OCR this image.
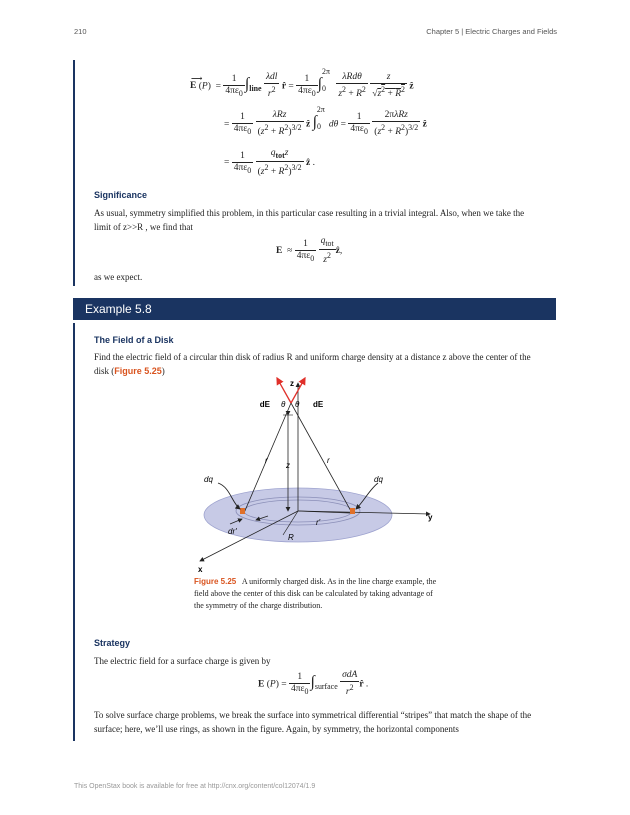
210	Chapter 5 | Electric Charges and Fields
E
⟶
$(P) = \frac{1}{4\pi\varepsilon_0} \int_{line} \frac{\text{λdl}}{r^2}$ r̂ = $\frac{1}{4\pi\varepsilon_0} \int_0^{2\pi}$
$\frac{\text{λRdθ}}{z^2 + R^2}$
$\frac{z}{√z^2 + R^2}$ ẑ
= $\frac{1}{4\pi\varepsilon_0}$
$\frac{\text{λRz}}{(z^2 + R^2)^{3/2}}$ ẑ $\int_0^{2\pi}d\theta = \frac{1}{4\pi\varepsilon_0}$
$\frac{\text{2πλRz}}{(z^2 + R^2)^{3/2}}$ ẑ
= $\frac{1}{4\pi\varepsilon_0}$
$\frac{q_{tot}z}{(z^2 + R^2)^{3/2}}$ ẑ .
Significance
As usual, symmetry simplified this problem, in this particular case resulting in a trivial integral. Also, when we take the limit of z>>R , we find that
$E \approx \frac{1}{4\pi\varepsilon_0}$
$\frac{q_{tot}}{z^2}$ ẑ,
as we expect.
Example 5.8
The Field of a Disk
Find the electric field of a circular thin disk of radius R and uniform charge density at a distance z above the center of the disk (Figure 5.25)
z
dE	dE
θ θ
r	r
z
dq	dq
r'
dr'
R
y
x
Figure 5.25 A uniformly charged disk. As in the line charge example, the field above the center of this disk can be calculated by taking advantage of the symmetry of the charge distribution.
Strategy
The electric field for a surface charge is given by
E $(P) = \frac{1}{4\pi\varepsilon_0} \int_{surface} \frac{\text{σdA}}{r^2}$ r̂ .
To solve surface charge problems, we break the surface into symmetrical differential “stripes” that match the shape of the surface; here, we’ll use rings, as shown in the figure. Again, by symmetry, the horizontal components
This OpenStax book is available for free at http://cnx.org/content/col12074/1.9
